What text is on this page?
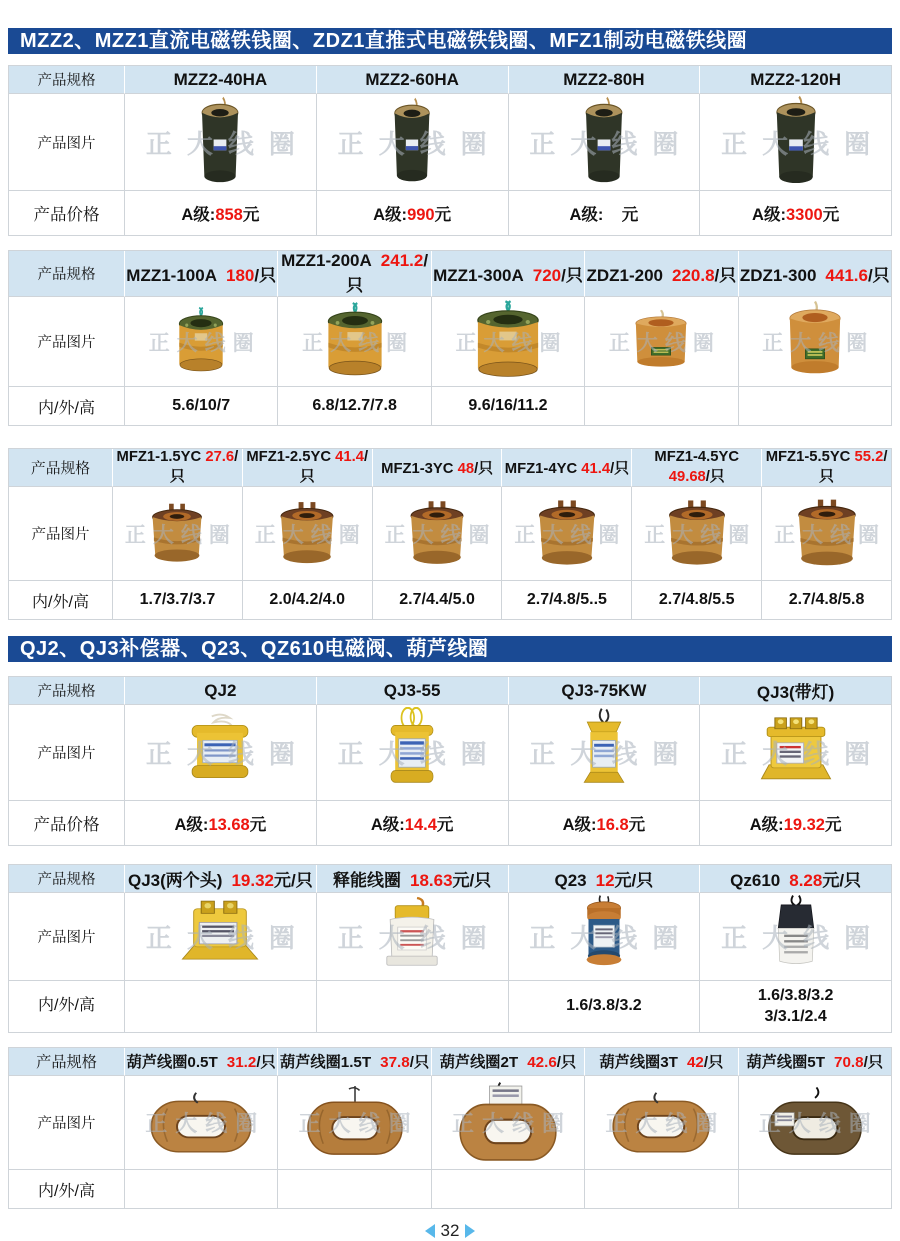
MZZ2、MZZ1直流电磁铁钱圈、ZDZ1直推式电磁铁钱圈、MFZ1制动电磁铁线圈
产品规格	MZZ2-40HA	MZZ2-60HA	MZZ2-80H	MZZ2-120H
产品图片	正大线圈	正大线圈	正大线圈	正大线圈

产品价格	A级:858元	A级:990元	A级: 元	A级:3300元
产品规格	MZZ1-100A 180/只	MZZ1-200A 241.2/只	MZZ1-300A 720/只	ZDZ1-200 220.8/只	ZDZ1-300 441.6/只
产品图片	正大线圈	正大线圈	正大线圈	正大线圈	正大线圈

内/外/高	5.6/10/7	6.8/12.7/7.8	9.6/16/11.2		
产品规格	MFZ1-1.5YC 27.6/只	MFZ1-2.5YC 41.4/只	MFZ1-3YC 48/只	MFZ1-4YC 41.4/只	MFZ1-4.5YC 49.68/只	MFZ1-5.5YC 55.2/只
产品图片	正大线圈	正大线圈	正大线圈	正大线圈	正大线圈	正大线圈

内/外/高	1.7/3.7/3.7	2.0/4.2/4.0	2.7/4.4/5.0	2.7/4.8/5..5	2.7/4.8/5.5	2.7/4.8/5.8
QJ2、QJ3补偿器、Q23、QZ610电磁阀、葫芦线圈
产品规格	QJ2	QJ3-55	QJ3-75KW	QJ3(带灯)
产品图片	正大线圈	正大线圈	正大线圈	正大线圈

产品价格	A级:13.68元	A级:14.4元	A级:16.8元	A级:19.32元
产品规格	QJ3(两个头) 19.32元/只	释能线圈 18.63元/只	Q23 12元/只	Qz610 8.28元/只
产品图片	正大线圈	正大线圈	正大线圈	正大线圈

内/外/高			1.6/3.8/3.2	1.6/3.8/3.2
3/3.1/2.4
产品规格	葫芦线圈0.5T 31.2/只	葫芦线圈1.5T 37.8/只	葫芦线圈2T 42.6/只	葫芦线圈3T 42/只	葫芦线圈5T 70.8/只
产品图片	正大线圈	正大线圈	正大线圈	正大线圈	正大线圈

内/外/高					
32
